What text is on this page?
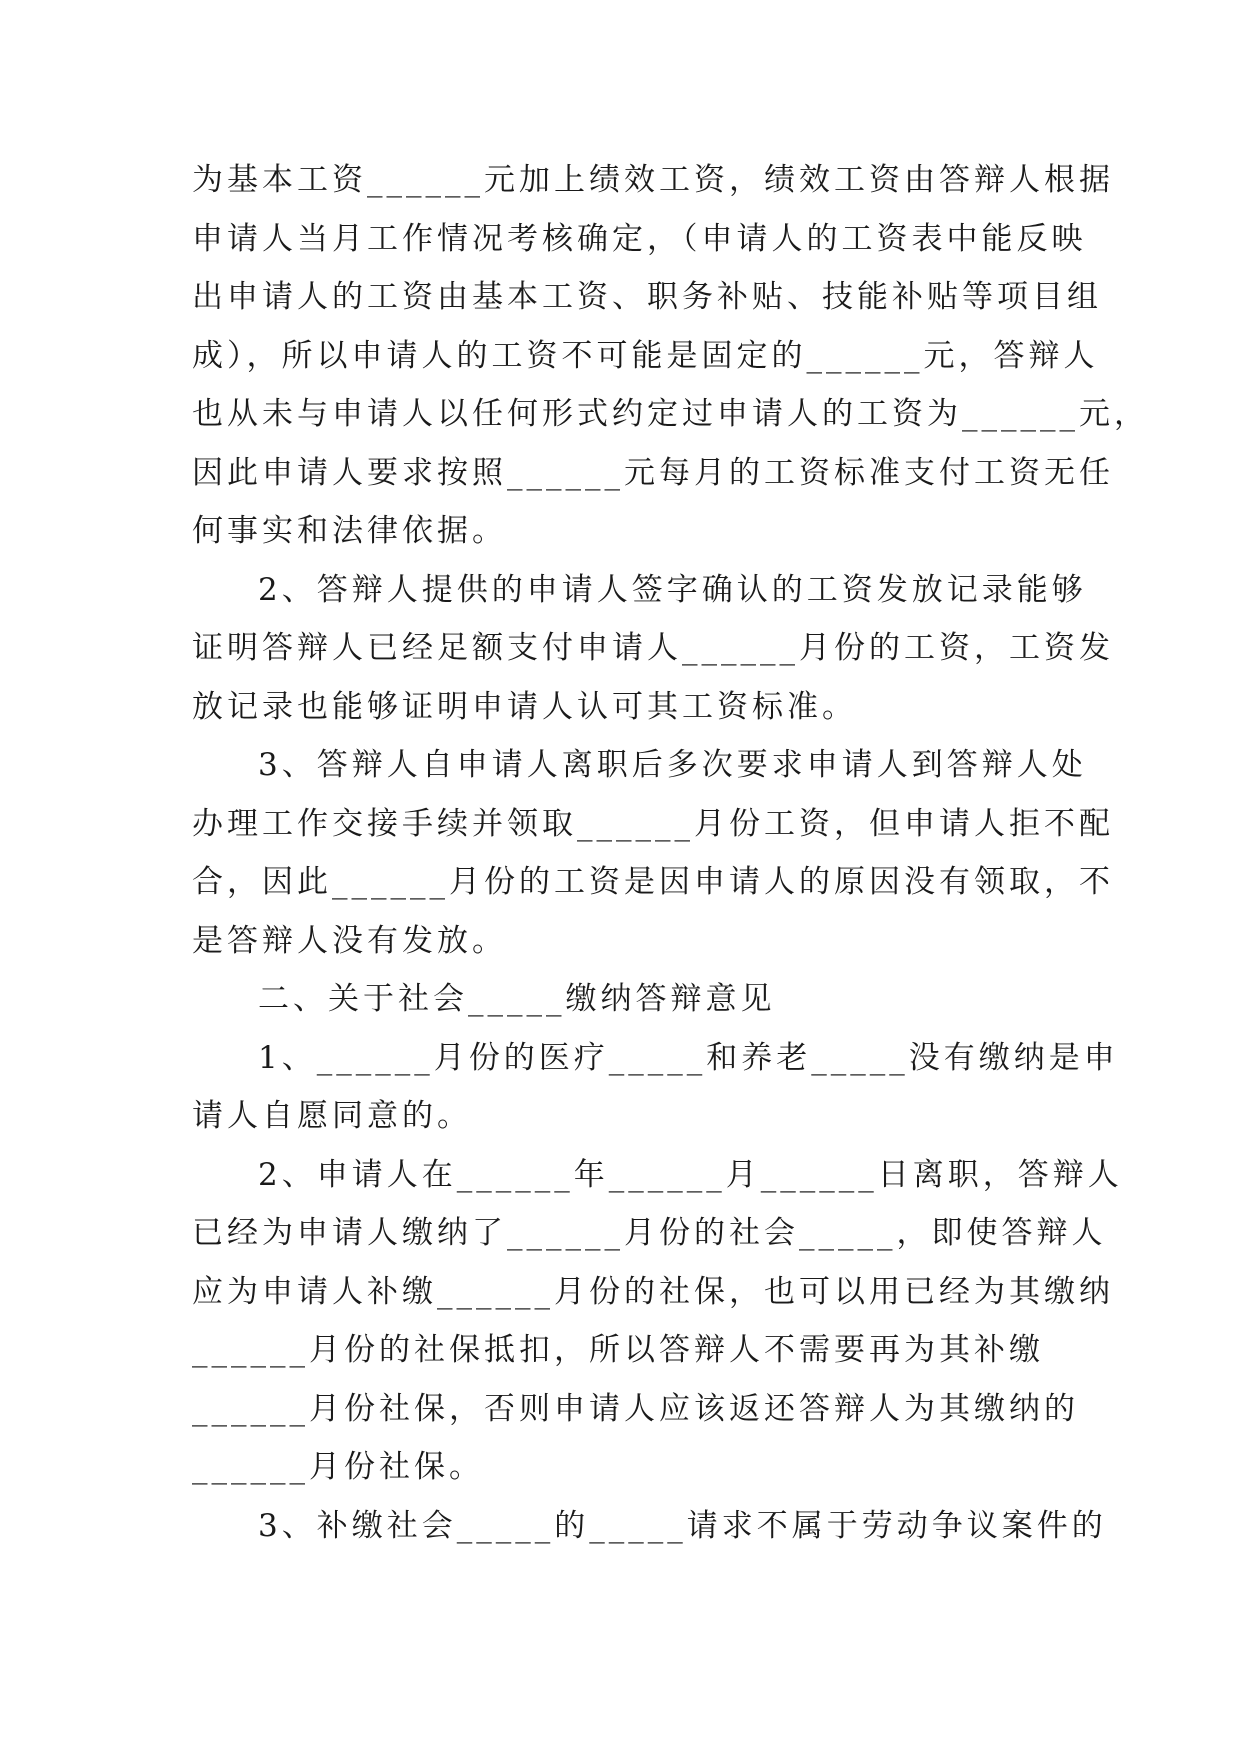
为基本工资______元加上绩效工资，绩效工资由答辩人根据
申请人当月工作情况考核确定，（申请人的工资表中能反映
出申请人的工资由基本工资、职务补贴、技能补贴等项目组
成），所以申请人的工资不可能是固定的______元，答辩人
也从未与申请人以任何形式约定过申请人的工资为______元，
因此申请人要求按照______元每月的工资标准支付工资无任
何事实和法律依据。
2、答辩人提供的申请人签字确认的工资发放记录能够
证明答辩人已经足额支付申请人______月份的工资，工资发
放记录也能够证明申请人认可其工资标准。
3、答辩人自申请人离职后多次要求申请人到答辩人处
办理工作交接手续并领取______月份工资，但申请人拒不配
合，因此______月份的工资是因申请人的原因没有领取，不
是答辩人没有发放。
二、关于社会_____缴纳答辩意见
1、______月份的医疗_____和养老_____没有缴纳是申
请人自愿同意的。
2、申请人在______年______月______日离职，答辩人
已经为申请人缴纳了______月份的社会_____，即使答辩人
应为申请人补缴______月份的社保，也可以用已经为其缴纳
______月份的社保抵扣，所以答辩人不需要再为其补缴
______月份社保，否则申请人应该返还答辩人为其缴纳的
______月份社保。
3、补缴社会_____的_____请求不属于劳动争议案件的
